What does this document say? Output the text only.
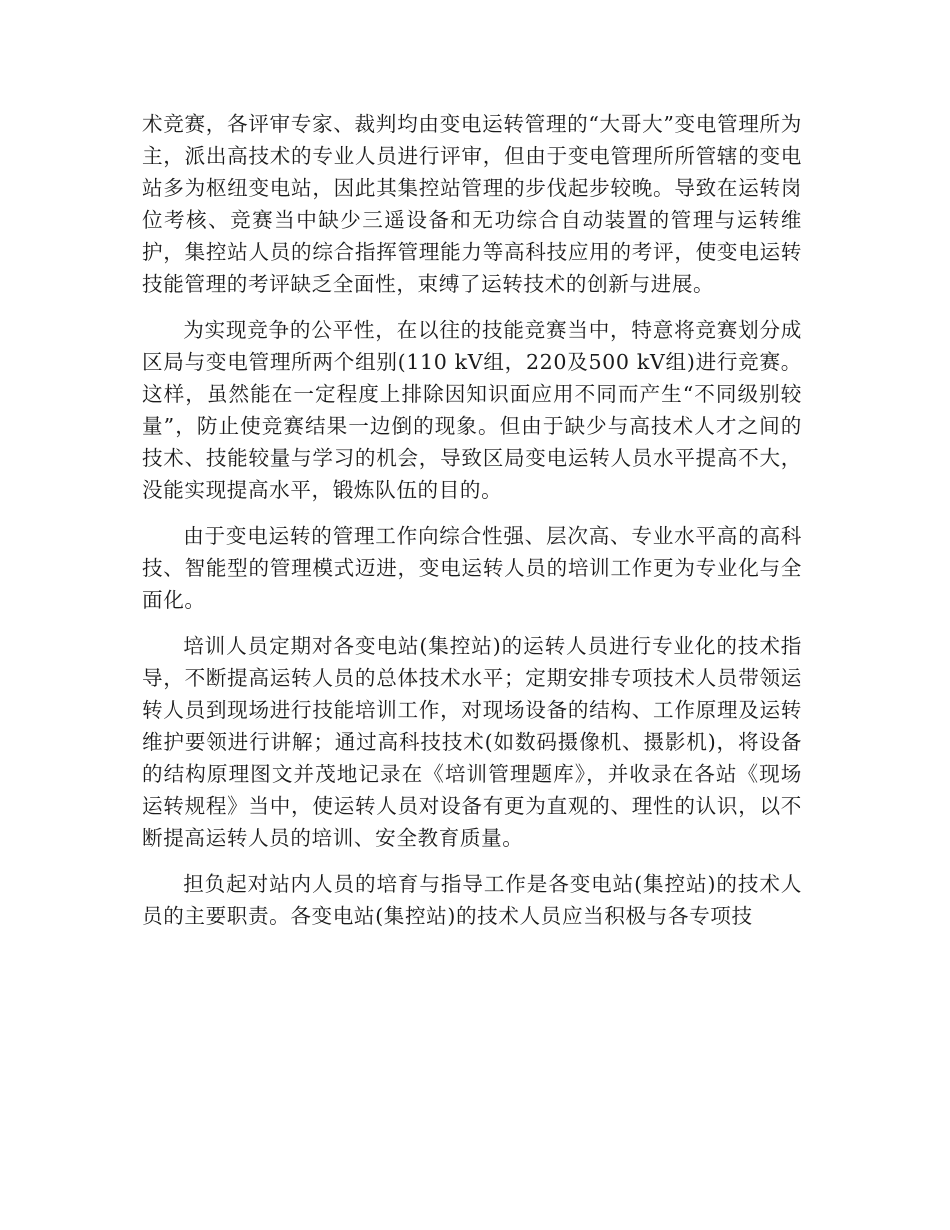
术竞赛，各评审专家、裁判均由变电运转管理的“大哥大”变电管理所为主，派出高技术的专业人员进行评审，但由于变电管理所所管辖的变电站多为枢纽变电站，因此其集控站管理的步伐起步较晚。导致在运转岗位考核、竞赛当中缺少三遥设备和无功综合自动装置的管理与运转维护，集控站人员的综合指挥管理能力等高科技应用的考评，使变电运转技能管理的考评缺乏全面性，束缚了运转技术的创新与进展。

为实现竞争的公平性，在以往的技能竞赛当中，特意将竞赛划分成区局与变电管理所两个组别(110 kV组，220及500 kV组)进行竞赛。这样，虽然能在一定程度上排除因知识面应用不同而产生“不同级别较量”，防止使竞赛结果一边倒的现象。但由于缺少与高技术人才之间的技术、技能较量与学习的机会，导致区局变电运转人员水平提高不大，没能实现提高水平，锻炼队伍的目的。

由于变电运转的管理工作向综合性强、层次高、专业水平高的高科技、智能型的管理模式迈进，变电运转人员的培训工作更为专业化与全面化。

培训人员定期对各变电站(集控站)的运转人员进行专业化的技术指导，不断提高运转人员的总体技术水平；定期安排专项技术人员带领运转人员到现场进行技能培训工作，对现场设备的结构、工作原理及运转维护要领进行讲解；通过高科技技术(如数码摄像机、摄影机)，将设备的结构原理图文并茂地记录在《培训管理题库》，并收录在各站《现场运转规程》当中，使运转人员对设备有更为直观的、理性的认识，以不断提高运转人员的培训、安全教育质量。

担负起对站内人员的培育与指导工作是各变电站(集控站)的技术人员的主要职责。各变电站(集控站)的技术人员应当积极与各专项技
